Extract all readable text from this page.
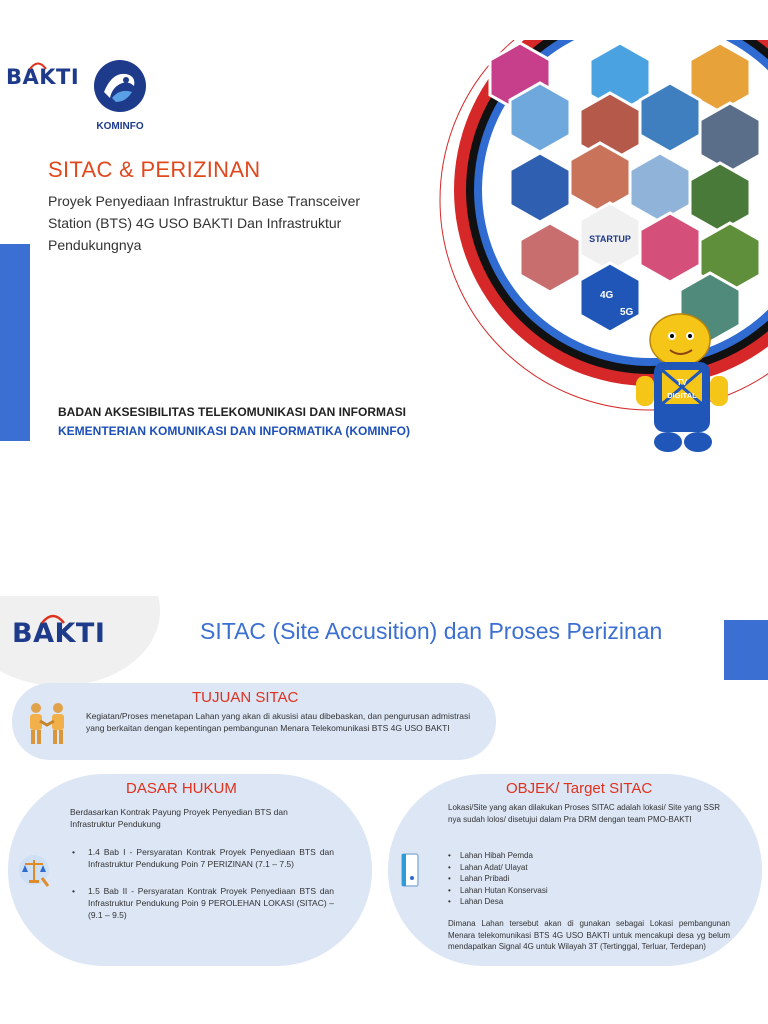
BAKTI
KOMINFO
SITAC & PERIZINAN
Proyek Penyediaan Infrastruktur Base Transceiver Station (BTS) 4G USO BAKTI Dan Infrastruktur Pendukungnya
BADAN AKSESIBILITAS TELEKOMUNIKASI DAN INFORMASI
KEMENTERIAN KOMUNIKASI DAN INFORMATIKA (KOMINFO)
STARTUP
4G
5G
TV
DIGITAL
BAKTI	SITAC (Site Accusition) dan Proses Perizinan
TUJUAN SITAC
Kegiatan/Proses menetapan Lahan yang akan di akusisi atau dibebaskan, dan pengurusan admistrasi yang berkaitan dengan kepentingan pembangunan Menara Telekomunikasi BTS 4G USO BAKTI
DASAR HUKUM
Berdasarkan Kontrak Payung Proyek Penyedian BTS dan Infrastruktur Pendukung
• 1.4 Bab I - Persyaratan Kontrak Proyek Penyediaan BTS dan Infrastruktur Pendukung Poin 7 PERIZINAN (7.1 – 7.5)
• 1.5 Bab II - Persyaratan Kontrak Proyek Penyediaan BTS dan Infrastruktur Pendukung Poin 9 PEROLEHAN LOKASI (SITAC) – (9.1 – 9.5)
OBJEK/ Target SITAC
Lokasi/Site yang akan dilakukan Proses SITAC adalah lokasi/ Site yang SSR nya sudah lolos/ disetujui dalam Pra DRM dengan team PMO-BAKTI
• Lahan Hibah Pemda
• Lahan Adat/ Ulayat
• Lahan Pribadi
• Lahan Hutan Konservasi
• Lahan Desa
Dimana Lahan tersebut akan di gunakan sebagai Lokasi pembangunan Menara telekomunikasi BTS 4G USO BAKTI untuk mencakupi desa yg belum mendapatkan Signal 4G untuk Wilayah 3T (Tertinggal, Terluar, Terdepan)
